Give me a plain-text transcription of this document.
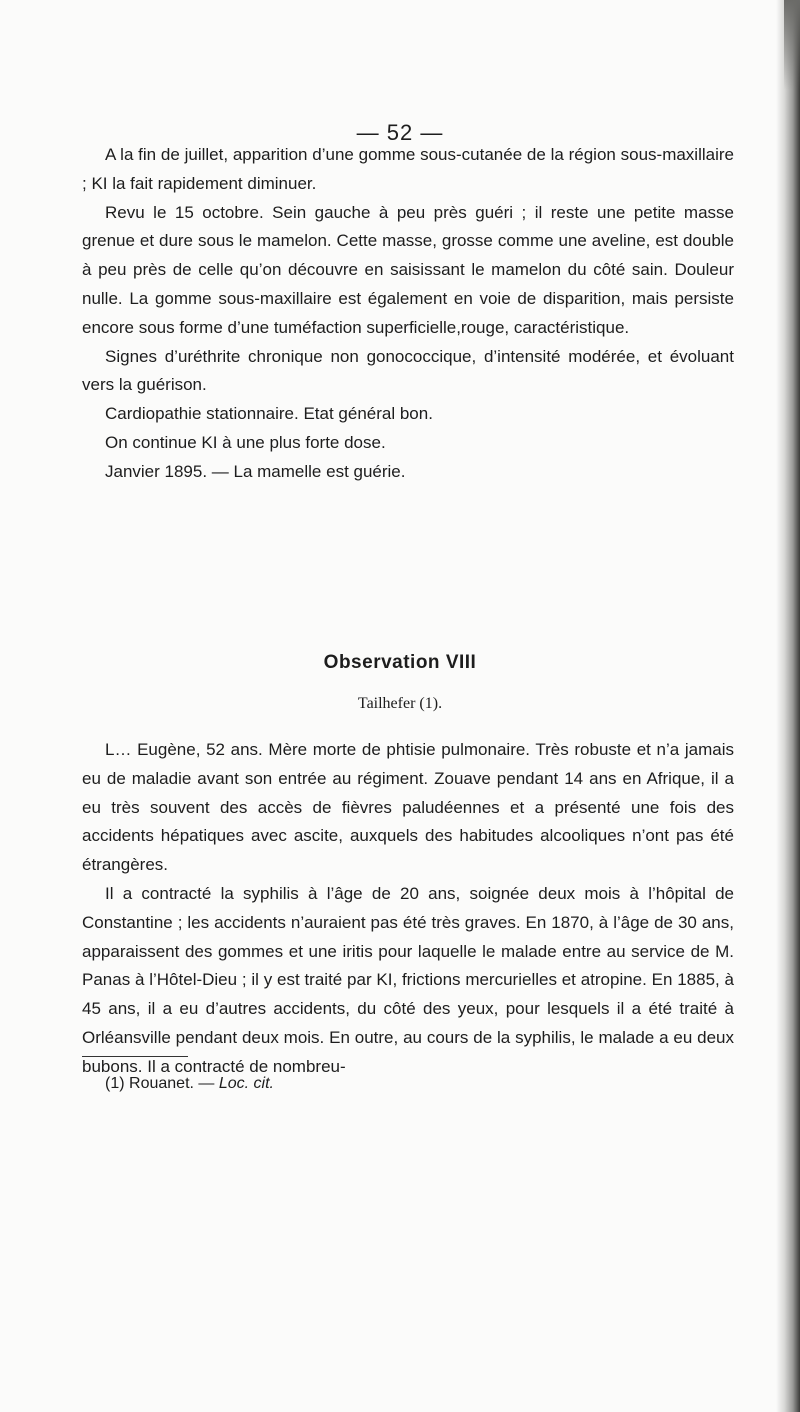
— 52 —

A la fin de juillet, apparition d’une gomme sous-cutanée de la région sous-maxillaire ; KI la fait rapidement diminuer.

Revu le 15 octobre. Sein gauche à peu près guéri ; il reste une petite masse grenue et dure sous le mamelon. Cette masse, grosse comme une aveline, est double à peu près de celle qu’on découvre en saisissant le mamelon du côté sain. Douleur nulle. La gomme sous-maxillaire est également en voie de disparition, mais persiste encore sous forme d’une tuméfaction superficielle,rouge, caractéristique.

Signes d’uréthrite chronique non gonococcique, d’intensité modérée, et évoluant vers la guérison.

Cardiopathie stationnaire. Etat général bon.

On continue KI à une plus forte dose.

Janvier 1895. — La mamelle est guérie.

Observation VIII
Tailhefer (1).

L… Eugène, 52 ans. Mère morte de phtisie pulmonaire. Très robuste et n’a jamais eu de maladie avant son entrée au régiment. Zouave pendant 14 ans en Afrique, il a eu très souvent des accès de fièvres paludéennes et a présenté une fois des accidents hépatiques avec ascite, auxquels des habitudes alcooliques n’ont pas été étrangères.

Il a contracté la syphilis à l’âge de 20 ans, soignée deux mois à l’hôpital de Constantine ; les accidents n’auraient pas été très graves. En 1870, à l’âge de 30 ans, apparaissent des gommes et une iritis pour laquelle le malade entre au service de M. Panas à l’Hôtel-Dieu ; il y est traité par KI, frictions mercurielles et atropine. En 1885, à 45 ans, il a eu d’autres accidents, du côté des yeux, pour lesquels il a été traité à Orléansville pendant deux mois. En outre, au cours de la syphilis, le malade a eu deux bubons. Il a contracté de nombreu-

(1) Rouanet. — Loc. cit.
